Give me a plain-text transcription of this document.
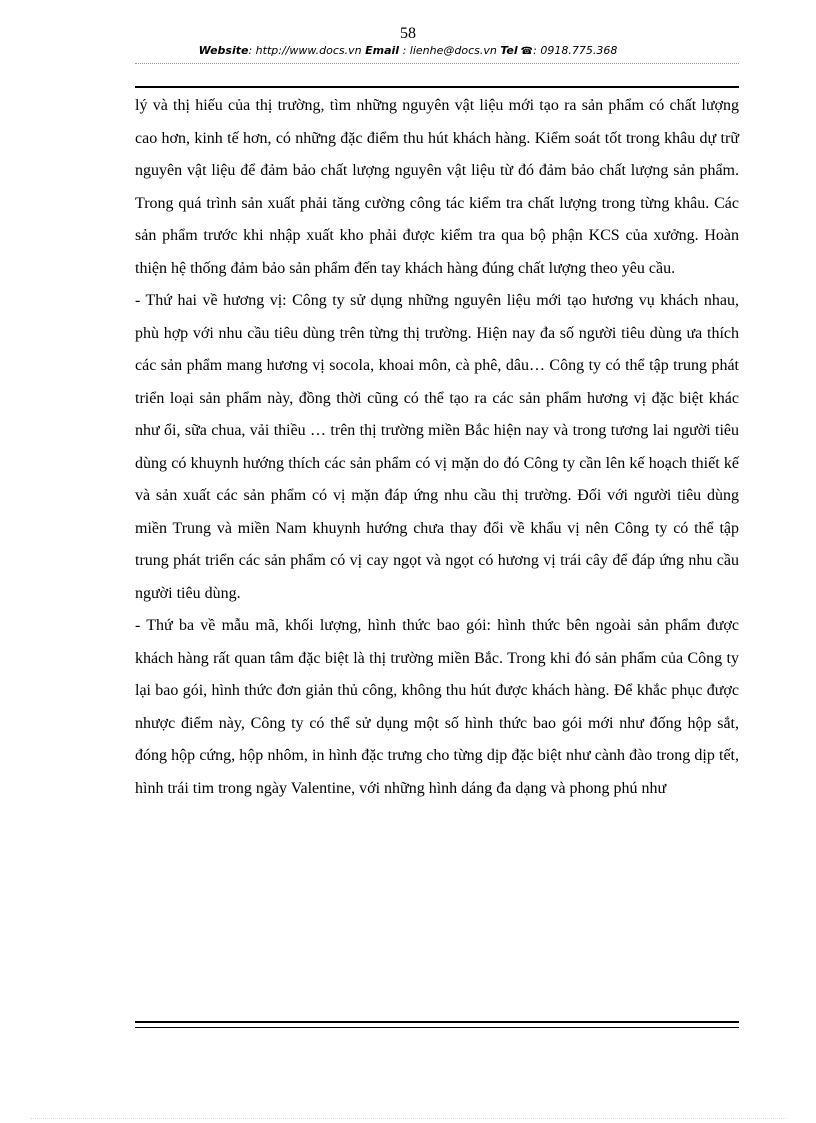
58
Website: http://www.docs.vn Email : lienhe@docs.vn Tel ☎: 0918.775.368

lý và thị hiếu của thị trường, tìm những nguyên vật liệu mới tạo ra sản phẩm có chất lượng cao hơn, kinh tế hơn, có những đặc điểm thu hút khách hàng. Kiểm soát tốt trong khâu dự trữ nguyên vật liệu để đảm bảo chất lượng nguyên vật liệu từ đó đảm bảo chất lượng sản phẩm. Trong quá trình sản xuất phải tăng cường công tác kiểm tra chất lượng trong từng khâu. Các sản phẩm trước khi nhập xuất kho phải được kiểm tra qua bộ phận KCS của xưởng. Hoàn thiện hệ thống đảm bảo sản phẩm đến tay khách hàng đúng chất lượng theo yêu cầu.

- Thứ hai về hương vị: Công ty sử dụng những nguyên liệu mới tạo hương vụ khách nhau, phù hợp với nhu cầu tiêu dùng trên từng thị trường. Hiện nay đa số người tiêu dùng ưa thích các sản phẩm mang hương vị socola, khoai môn, cà phê, dâu… Công ty có thể tập trung phát triển loại sản phẩm này, đồng thời cũng có thể tạo ra các sản phẩm hương vị đặc biệt khác như ổi, sữa chua, vải thiều … trên thị trường miền Bắc hiện nay và trong tương lai người tiêu dùng có khuynh hướng thích các sản phẩm có vị mặn do đó Công ty cần lên kế hoạch thiết kế và sản xuất các sản phẩm có vị mặn đáp ứng nhu cầu thị trường. Đối với người tiêu dùng miền Trung và miền Nam khuynh hướng chưa thay đổi về khẩu vị nên Công ty có thể tập trung phát triển các sản phẩm có vị cay ngọt và ngọt có hương vị trái cây để đáp ứng nhu cầu người tiêu dùng.

- Thứ ba về mẫu mã, khối lượng, hình thức bao gói: hình thức bên ngoài sản phẩm được khách hàng rất quan tâm đặc biệt là thị trường miền Bắc. Trong khi đó sản phẩm của Công ty lại bao gói, hình thức đơn giản thủ công, không thu hút được khách hàng. Để khắc phục được nhược điểm này, Công ty có thể sử dụng một số hình thức bao gói mới như đống hộp sắt, đóng hộp cứng, hộp nhôm, in hình đặc trưng cho từng dịp đặc biệt như cành đào trong dịp tết, hình trái tim trong ngày Valentine, với những hình dáng đa dạng và phong phú như
